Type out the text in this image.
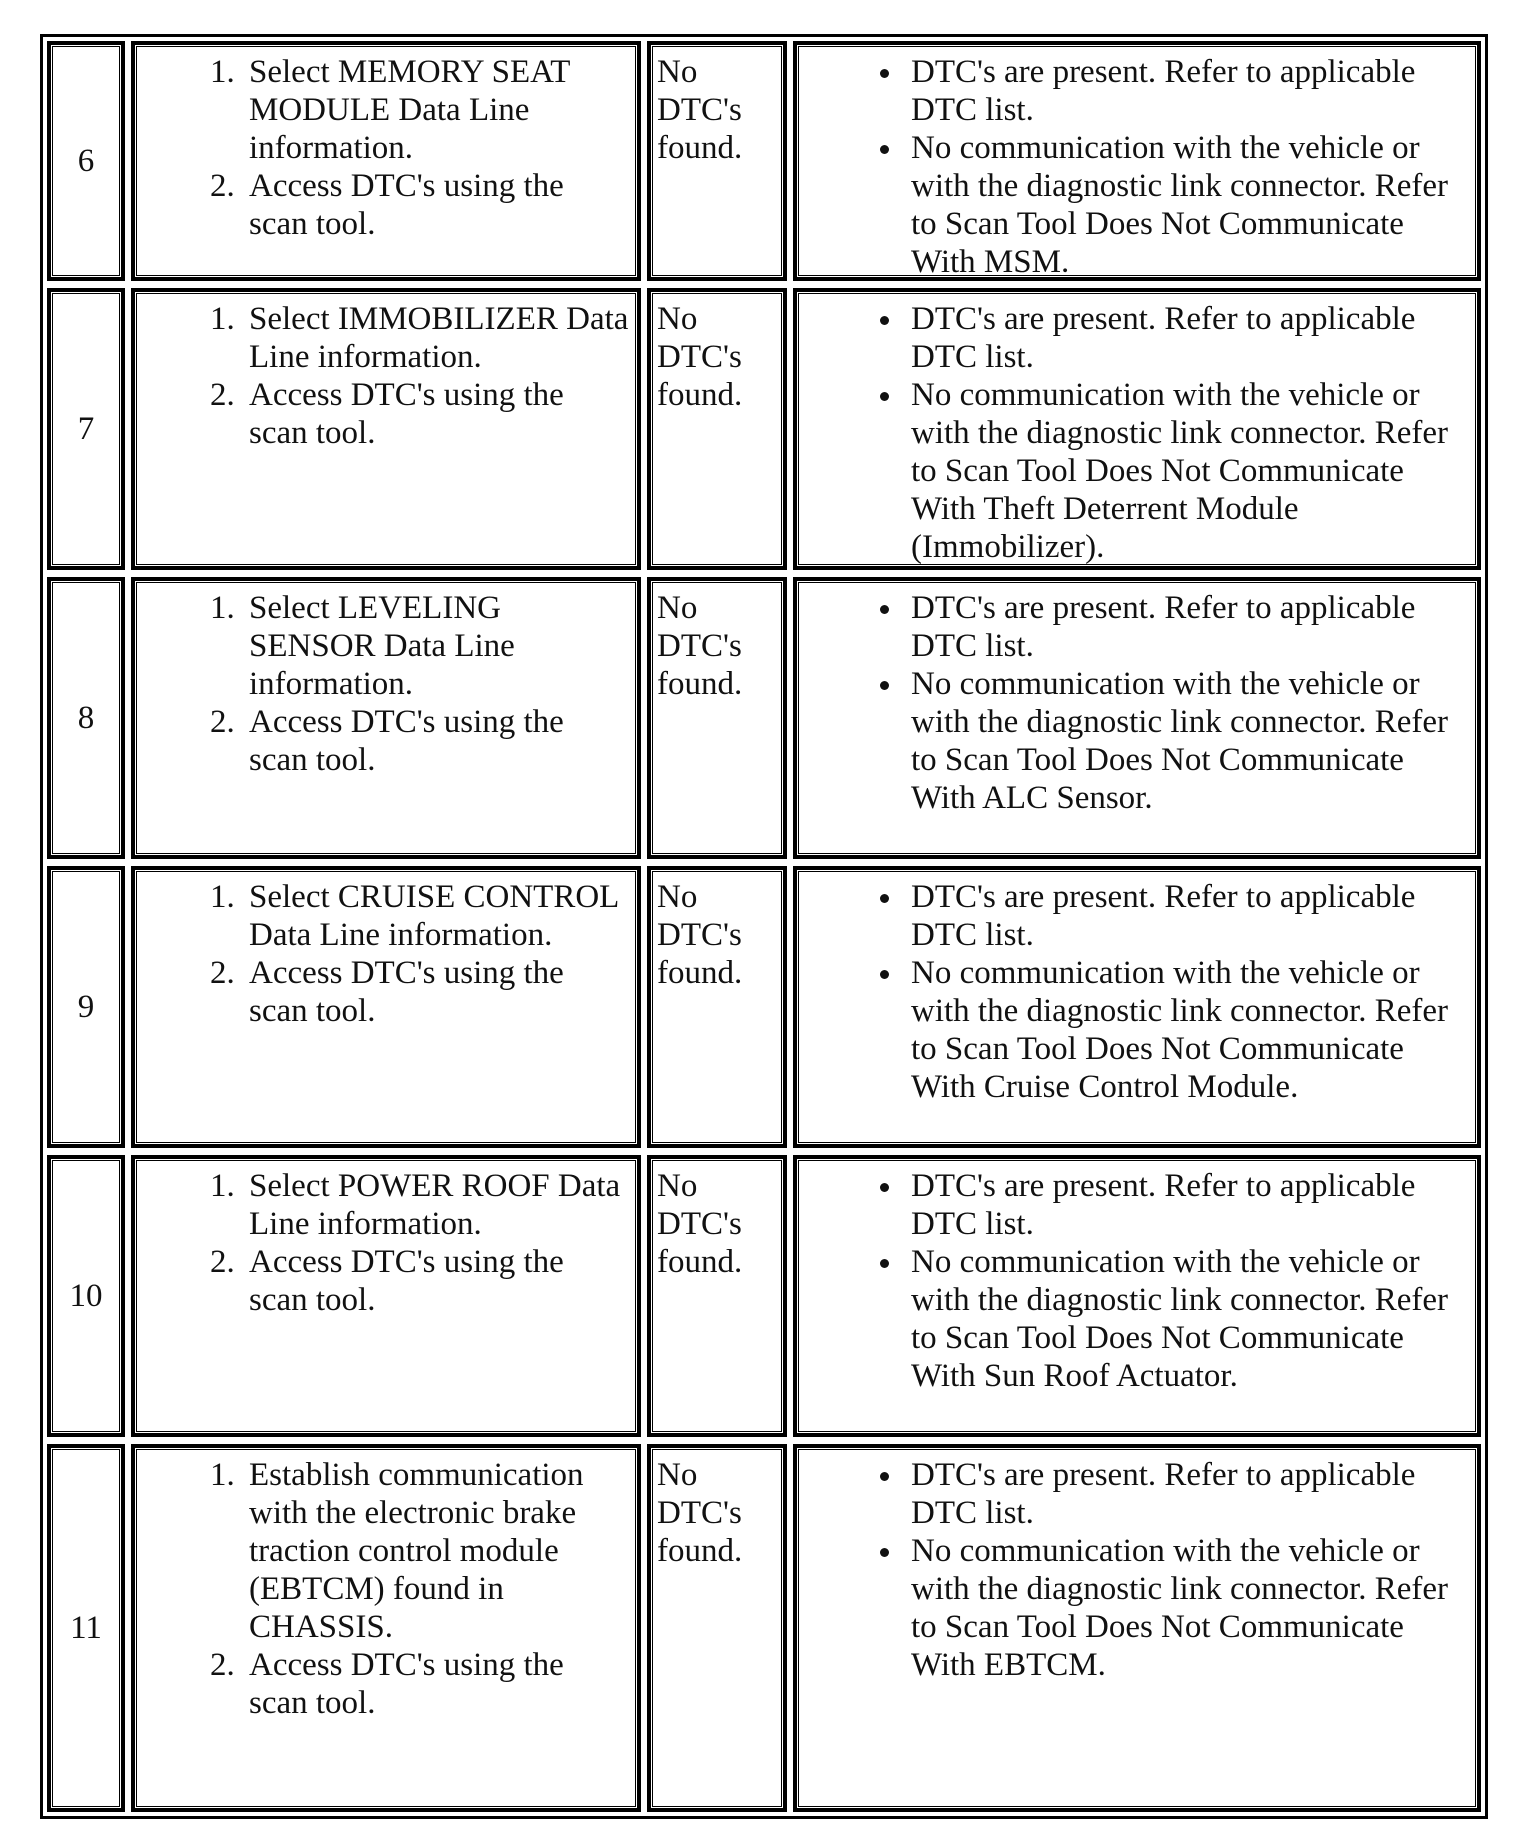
6
1. Select MEMORY SEAT MODULE Data Line information.
2. Access DTC's using the scan tool.
No
DTC's
found.
• DTC's are present. Refer to applicable DTC list.
• No communication with the vehicle or with the diagnostic link connector. Refer to Scan Tool Does Not Communicate With MSM.
7
1. Select IMMOBILIZER Data Line information.
2. Access DTC's using the scan tool.
No
DTC's
found.
• DTC's are present. Refer to applicable DTC list.
• No communication with the vehicle or with the diagnostic link connector. Refer to Scan Tool Does Not Communicate With Theft Deterrent Module (Immobilizer).
8
1. Select LEVELING SENSOR Data Line information.
2. Access DTC's using the scan tool.
No
DTC's
found.
• DTC's are present. Refer to applicable DTC list.
• No communication with the vehicle or with the diagnostic link connector. Refer to Scan Tool Does Not Communicate With ALC Sensor.
9
1. Select CRUISE CONTROL Data Line information.
2. Access DTC's using the scan tool.
No
DTC's
found.
• DTC's are present. Refer to applicable DTC list.
• No communication with the vehicle or with the diagnostic link connector. Refer to Scan Tool Does Not Communicate With Cruise Control Module.
10
1. Select POWER ROOF Data Line information.
2. Access DTC's using the scan tool.
No
DTC's
found.
• DTC's are present. Refer to applicable DTC list.
• No communication with the vehicle or with the diagnostic link connector. Refer to Scan Tool Does Not Communicate With Sun Roof Actuator.
11
1. Establish communication with the electronic brake traction control module (EBTCM) found in CHASSIS.
2. Access DTC's using the scan tool.
No
DTC's
found.
• DTC's are present. Refer to applicable DTC list.
• No communication with the vehicle or with the diagnostic link connector. Refer to Scan Tool Does Not Communicate With EBTCM.
